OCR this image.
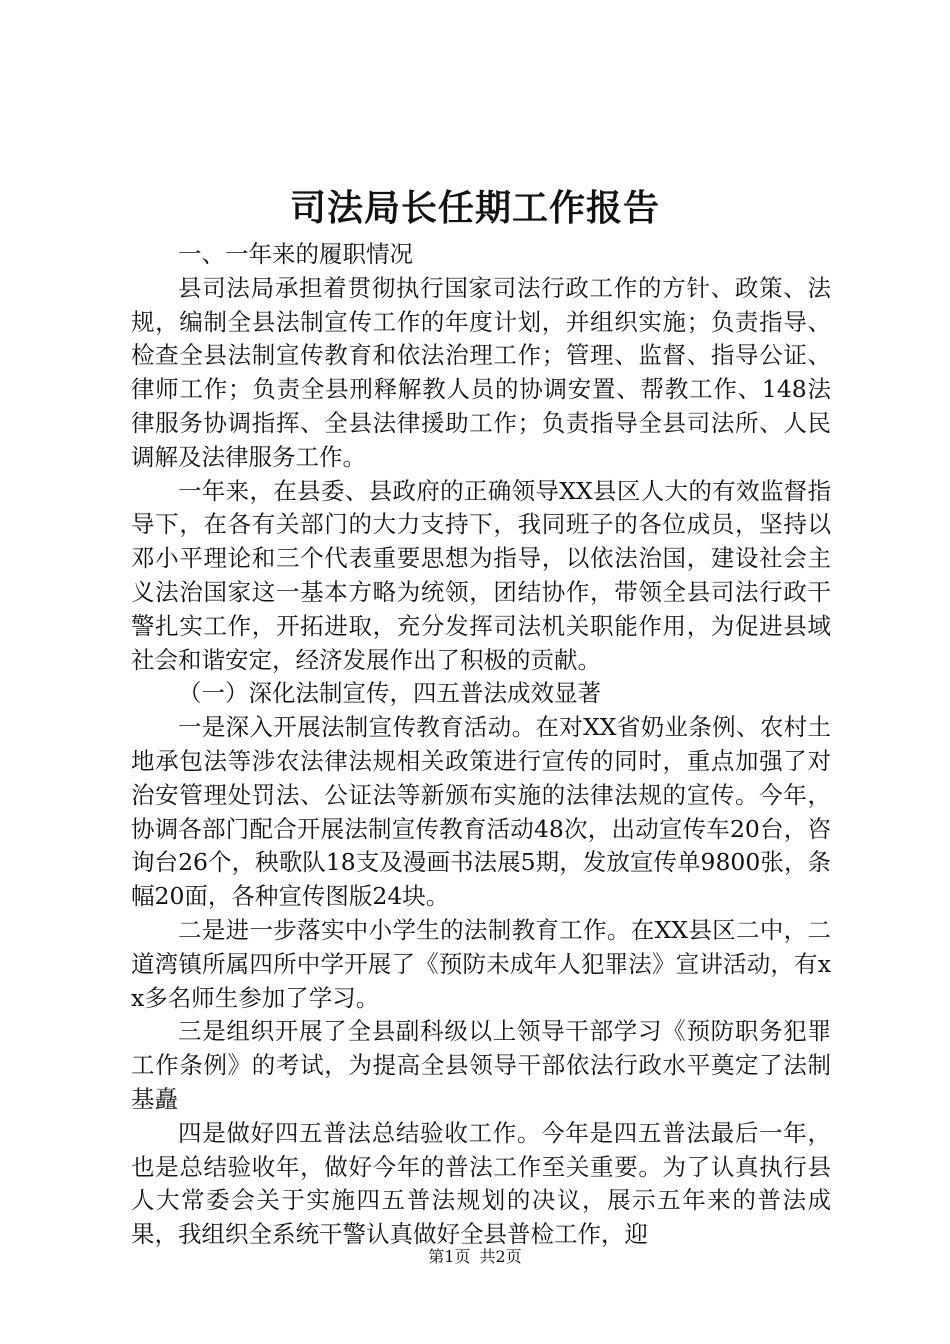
司法局长任期工作报告

一、一年来的履职情况

县司法局承担着贯彻执行国家司法行政工作的方针、政策、法规，编制全县法制宣传工作的年度计划，并组织实施；负责指导、检查全县法制宣传教育和依法治理工作；管理、监督、指导公证、律师工作；负责全县刑释解教人员的协调安置、帮教工作、148法律服务协调指挥、全县法律援助工作；负责指导全县司法所、人民调解及法律服务工作。

一年来，在县委、县政府的正确领导XX县区人大的有效监督指导下，在各有关部门的大力支持下，我同班子的各位成员，坚持以邓小平理论和三个代表重要思想为指导，以依法治国，建设社会主义法治国家这一基本方略为统领，团结协作，带领全县司法行政干警扎实工作，开拓进取，充分发挥司法机关职能作用，为促进县域社会和谐安定，经济发展作出了积极的贡献。

（一）深化法制宣传，四五普法成效显著

一是深入开展法制宣传教育活动。在对XX省奶业条例、农村土地承包法等涉农法律法规相关政策进行宣传的同时，重点加强了对治安管理处罚法、公证法等新颁布实施的法律法规的宣传。今年，协调各部门配合开展法制宣传教育活动48次，出动宣传车20台，咨询台26个，秧歌队18支及漫画书法展5期，发放宣传单9800张，条幅20面，各种宣传图版24块。

二是进一步落实中小学生的法制教育工作。在XX县区二中，二道湾镇所属四所中学开展了《预防未成年人犯罪法》宣讲活动，有xx多名师生参加了学习。

三是组织开展了全县副科级以上领导干部学习《预防职务犯罪工作条例》的考试，为提高全县领导干部依法行政水平奠定了法制基矗

四是做好四五普法总结验收工作。今年是四五普法最后一年，也是总结验收年，做好今年的普法工作至关重要。为了认真执行县人大常委会关于实施四五普法规划的决议，展示五年来的普法成果，我组织全系统干警认真做好全县普检工作，迎

第1页 共2页
